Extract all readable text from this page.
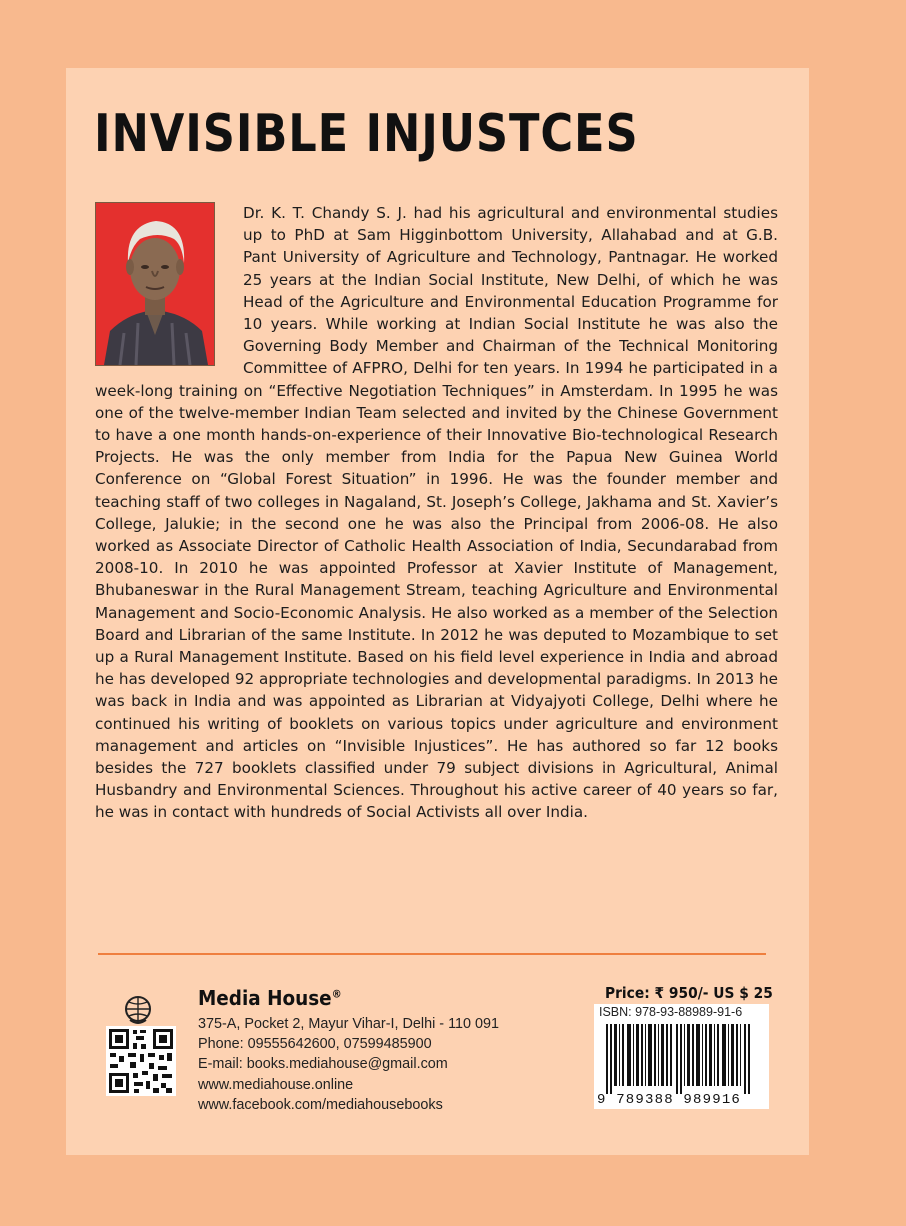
INVISIBLE INJUSTCES

Dr. K. T. Chandy S. J. had his agricultural and environmental studies up to PhD at Sam Higginbottom University, Allahabad and at G.B. Pant University of Agriculture and Technology, Pantnagar. He worked 25 years at the Indian Social Institute, New Delhi, of which he was Head of the Agriculture and Environmental Education Programme for 10 years. While working at Indian Social Institute he was also the Governing Body Member and Chairman of the Technical Monitoring Committee of AFPRO, Delhi for ten years. In 1994 he participated in a week-long training on “Effective Negotiation Techniques” in Amsterdam. In 1995 he was one of the twelve-member Indian Team selected and invited by the Chinese Government to have a one month hands-on-experience of their Innovative Bio-technological Research Projects. He was the only member from India for the Papua New Guinea World Conference on “Global Forest Situation” in 1996. He was the founder member and teaching staff of two colleges in Nagaland, St. Joseph’s College, Jakhama and St. Xavier’s College, Jalukie; in the second one he was also the Principal from 2006-08. He also worked as Associate Director of Catholic Health Association of India, Secundarabad from 2008-10. In 2010 he was appointed Professor at Xavier Institute of Management, Bhubaneswar in the Rural Management Stream, teaching Agriculture and Environmental Management and Socio-Economic Analysis. He also worked as a member of the Selection Board and Librarian of the same Institute. In 2012 he was deputed to Mozambique to set up a Rural Management Institute. Based on his field level experience in India and abroad he has developed 92 appropriate technologies and developmental paradigms. In 2013 he was back in India and was appointed as Librarian at Vidyajyoti College, Delhi where he continued his writing of booklets on various topics under agriculture and environment management and articles on “Invisible Injustices”. He has authored so far 12 books besides the 727 booklets classified under 79 subject divisions in Agricultural, Animal Husbandry and Environmental Sciences. Throughout his active career of 40 years so far, he was in contact with hundreds of Social Activists all over India.

Media House®

375-A, Pocket 2, Mayur Vihar-I, Delhi - 110 091

Phone: 09555642600, 07599485900

E-mail: books.mediahouse@gmail.com

www.mediahouse.online

www.facebook.com/mediahousebooks

Price: ₹ 950/- US $ 25
ISBN: 978-93-88989-91-6
9 789388 989916
